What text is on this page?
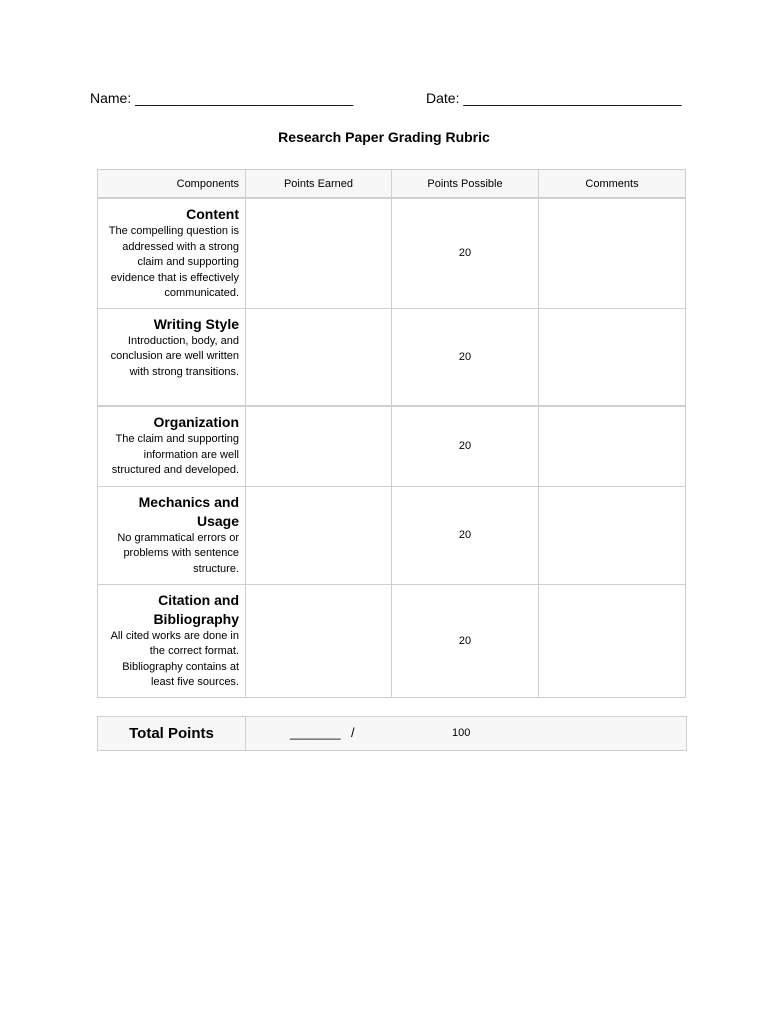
Name: ____________________________	Date: ____________________________
Research Paper Grading Rubric
Components	Points Earned	Points Possible	Comments

Content
The compelling question is addressed with a strong claim and supporting evidence that is effectively communicated.		20	

Writing Style
Introduction, body, and conclusion are well written with strong transitions.		20	

Organization
The claim and supporting information are well structured and developed.		20	

Mechanics and Usage
No grammatical errors or problems with sentence structure.		20	

Citation and Bibliography
All cited works are done in the correct format. Bibliography contains at least five sources.		20	
Total Points	_______ /	100
